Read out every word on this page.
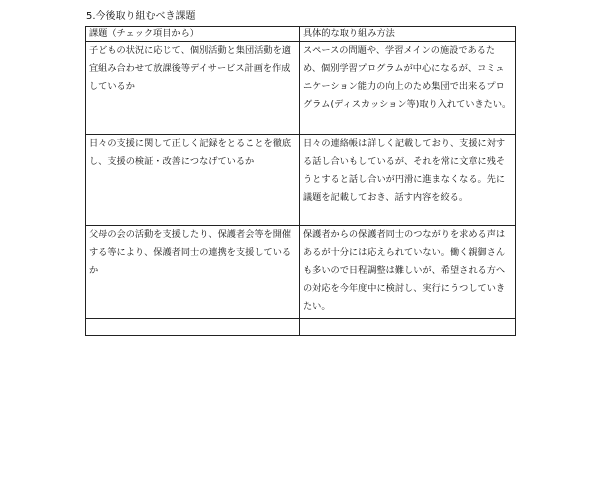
5.今後取り組むべき課題
課題（チェック項目から）	具体的な取り組み方法
子どもの状況に応じて、個別活動と集団活動を適宜組み合わせて放課後等デイサービス計画を作成しているか	スペースの問題や、学習メインの施設であるため、個別学習プログラムが中心になるが、コミュニケーション能力の向上のため集団で出来るプログラム(ディスカッション等)取り入れていきたい。
日々の支援に関して正しく記録をとることを徹底し、支援の検証・改善につなげているか	日々の連絡帳は詳しく記載しており、支援に対する話し合いもしているが、それを常に文章に残そうとすると話し合いが円滑に進まなくなる。先に議題を記載しておき、話す内容を絞る。
父母の会の活動を支援したり、保護者会等を開催する等により、保護者同士の連携を支援しているか	保護者からの保護者同士のつながりを求める声はあるが十分には応えられていない。働く親御さんも多いので日程調整は難しいが、希望される方への対応を今年度中に検討し、実行にうつしていきたい。
